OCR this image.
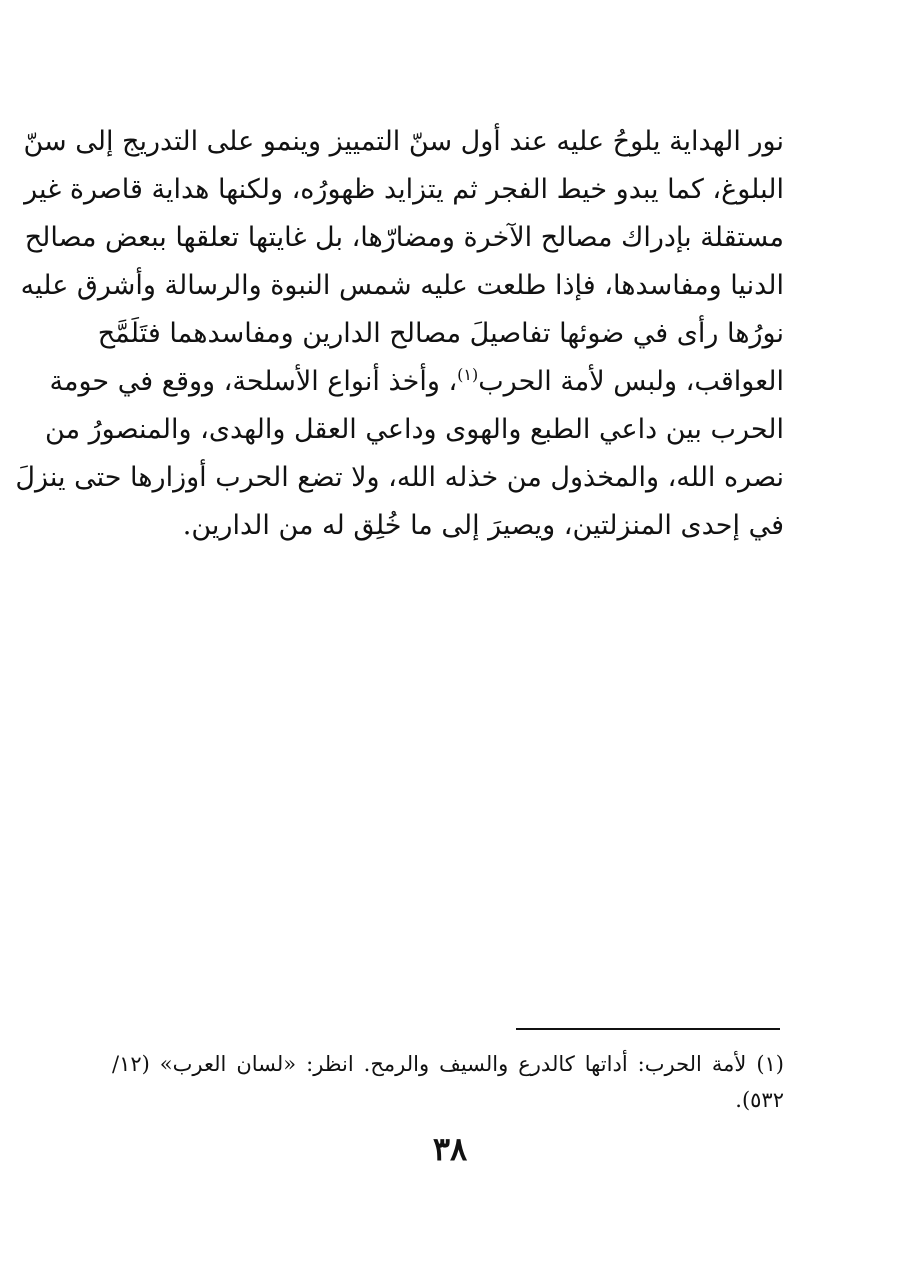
نور الهداية يلوحُ عليه عند أول سنّ التمييز وينمو على التدريج إلى سنّ
البلوغ، كما يبدو خيط الفجر ثم يتزايد ظهورُه، ولكنها هداية قاصرة غير
مستقلة بإدراك مصالح الآخرة ومضارّها، بل غايتها تعلقها ببعض مصالح
الدنيا ومفاسدها، فإذا طلعت عليه شمس النبوة والرسالة وأشرق عليه
نورُها رأى في ضوئها تفاصيلَ مصالح الدارين ومفاسدهما فتَلَمَّح
العواقب، ولبس لأمة الحرب$^{(١)}$، وأخذ أنواع الأسلحة، ووقع في حومة
الحرب بين داعي الطبع والهوى وداعي العقل والهدى، والمنصورُ من
نصره الله، والمخذول من خذله الله، ولا تضع الحرب أوزارها حتى ينزلَ
في إحدى المنزلتين، ويصيرَ إلى ما خُلِق له من الدارين.
(١) لأمة الحرب: أداتها كالدرع والسيف والرمح. انظر: «لسان العرب» (١٢/
٥٣٢).
٣٨
